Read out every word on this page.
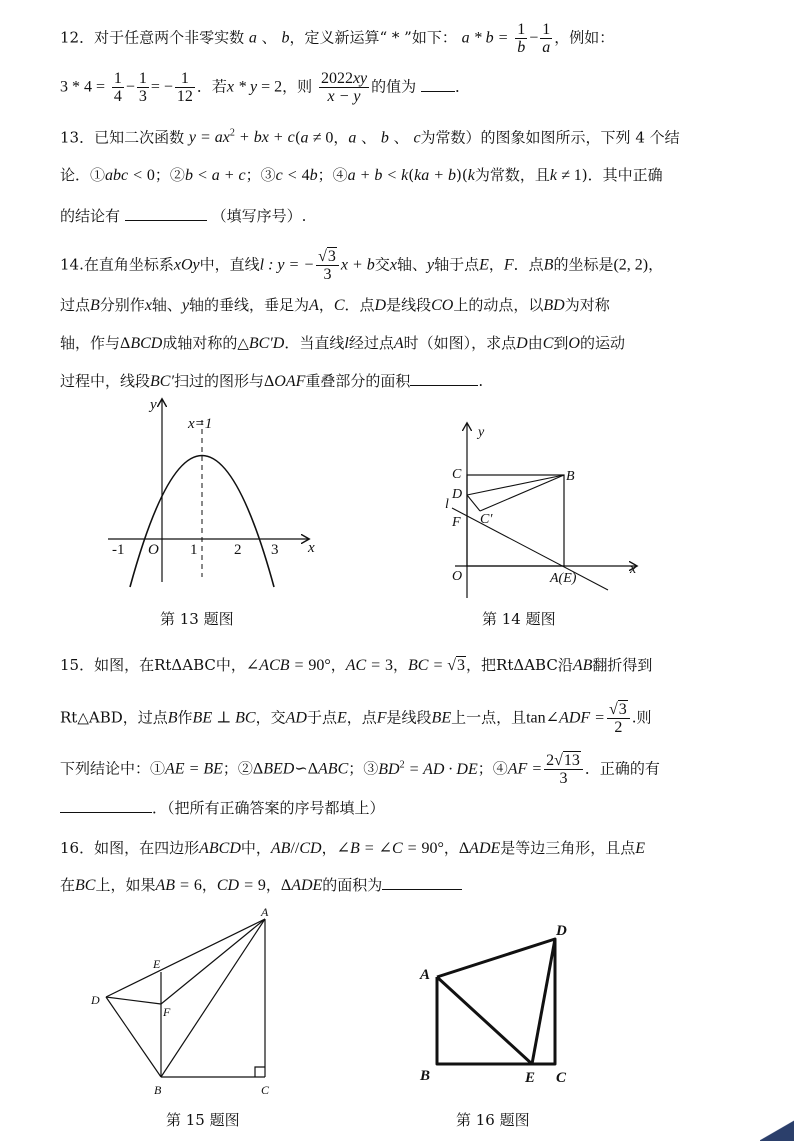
12．对于任意两个非零实数 a 、 b，定义新运算“ * ”如下： $a * b = \frac{1}{b} - \frac{1}{a}$ ，例如：
$3 * 4 = \frac{1}{4} - \frac{1}{3}$ = − $\frac{1}{12}$ ．若x * y = 2，则 $\frac{2022xy}{x - y}$ 的值为	．
13．已知二次函数 $y = ax^2$ + bx + c(a ≠ 0，a 、 b 、 c为常数）的图象如图所示，下列 4 个结
论．①abc < 0；②b < a + c；③c < 4b；④a + b < k(ka + b)(k为常数，且k ≠ 1)．其中正确
的结论有	（填写序号）.
14.在直角坐标系xOy中，直线l : y = − $\frac{√3}{3}$ x + b交x轴、y轴于点E，F．点B的坐标是(2, 2)，
过点B分别作x轴、y轴的垂线，垂足为A，C．点D是线段CO上的动点，以BD为对称
轴，作与ΔBCD成轴对称的△BC′D．当直线l经过点A时（如图），求点D由C到O的运动
过程中，线段BC′扫过的图形与ΔOAF重叠部分的面积	.
y
x
x=1
-1 O 1 2 3
第 13 题图
y
x
C	B
D
C′
l
F
O	A(E)
第 14 题图
15．如图，在RtΔABC中，∠ACB = 90°，AC = 3，BC = √3，把RtΔABC沿AB翻折得到
Rt△ABD，过点B作BE ⊥ BC，交AD于点E，点F是线段BE上一点，且tan∠ADF = $\frac{√3}{2}$ .则
下列结论中：①AE = BE；②ΔBED∽ΔABC；$③BD^2$ = AD · DE；④AF = $\frac{2√13}{3}$ ．正确的有
．（把所有正确答案的序号都填上）
16．如图，在四边形ABCD中，AB//CD，∠B = ∠C = 90°，ΔADE是等边三角形，且点E
在BC上，如果AB = 6，CD = 9，ΔADE的面积为
A
E
D
F
B	C
第 15 题图
D
A
B	E C
第 16 题图
